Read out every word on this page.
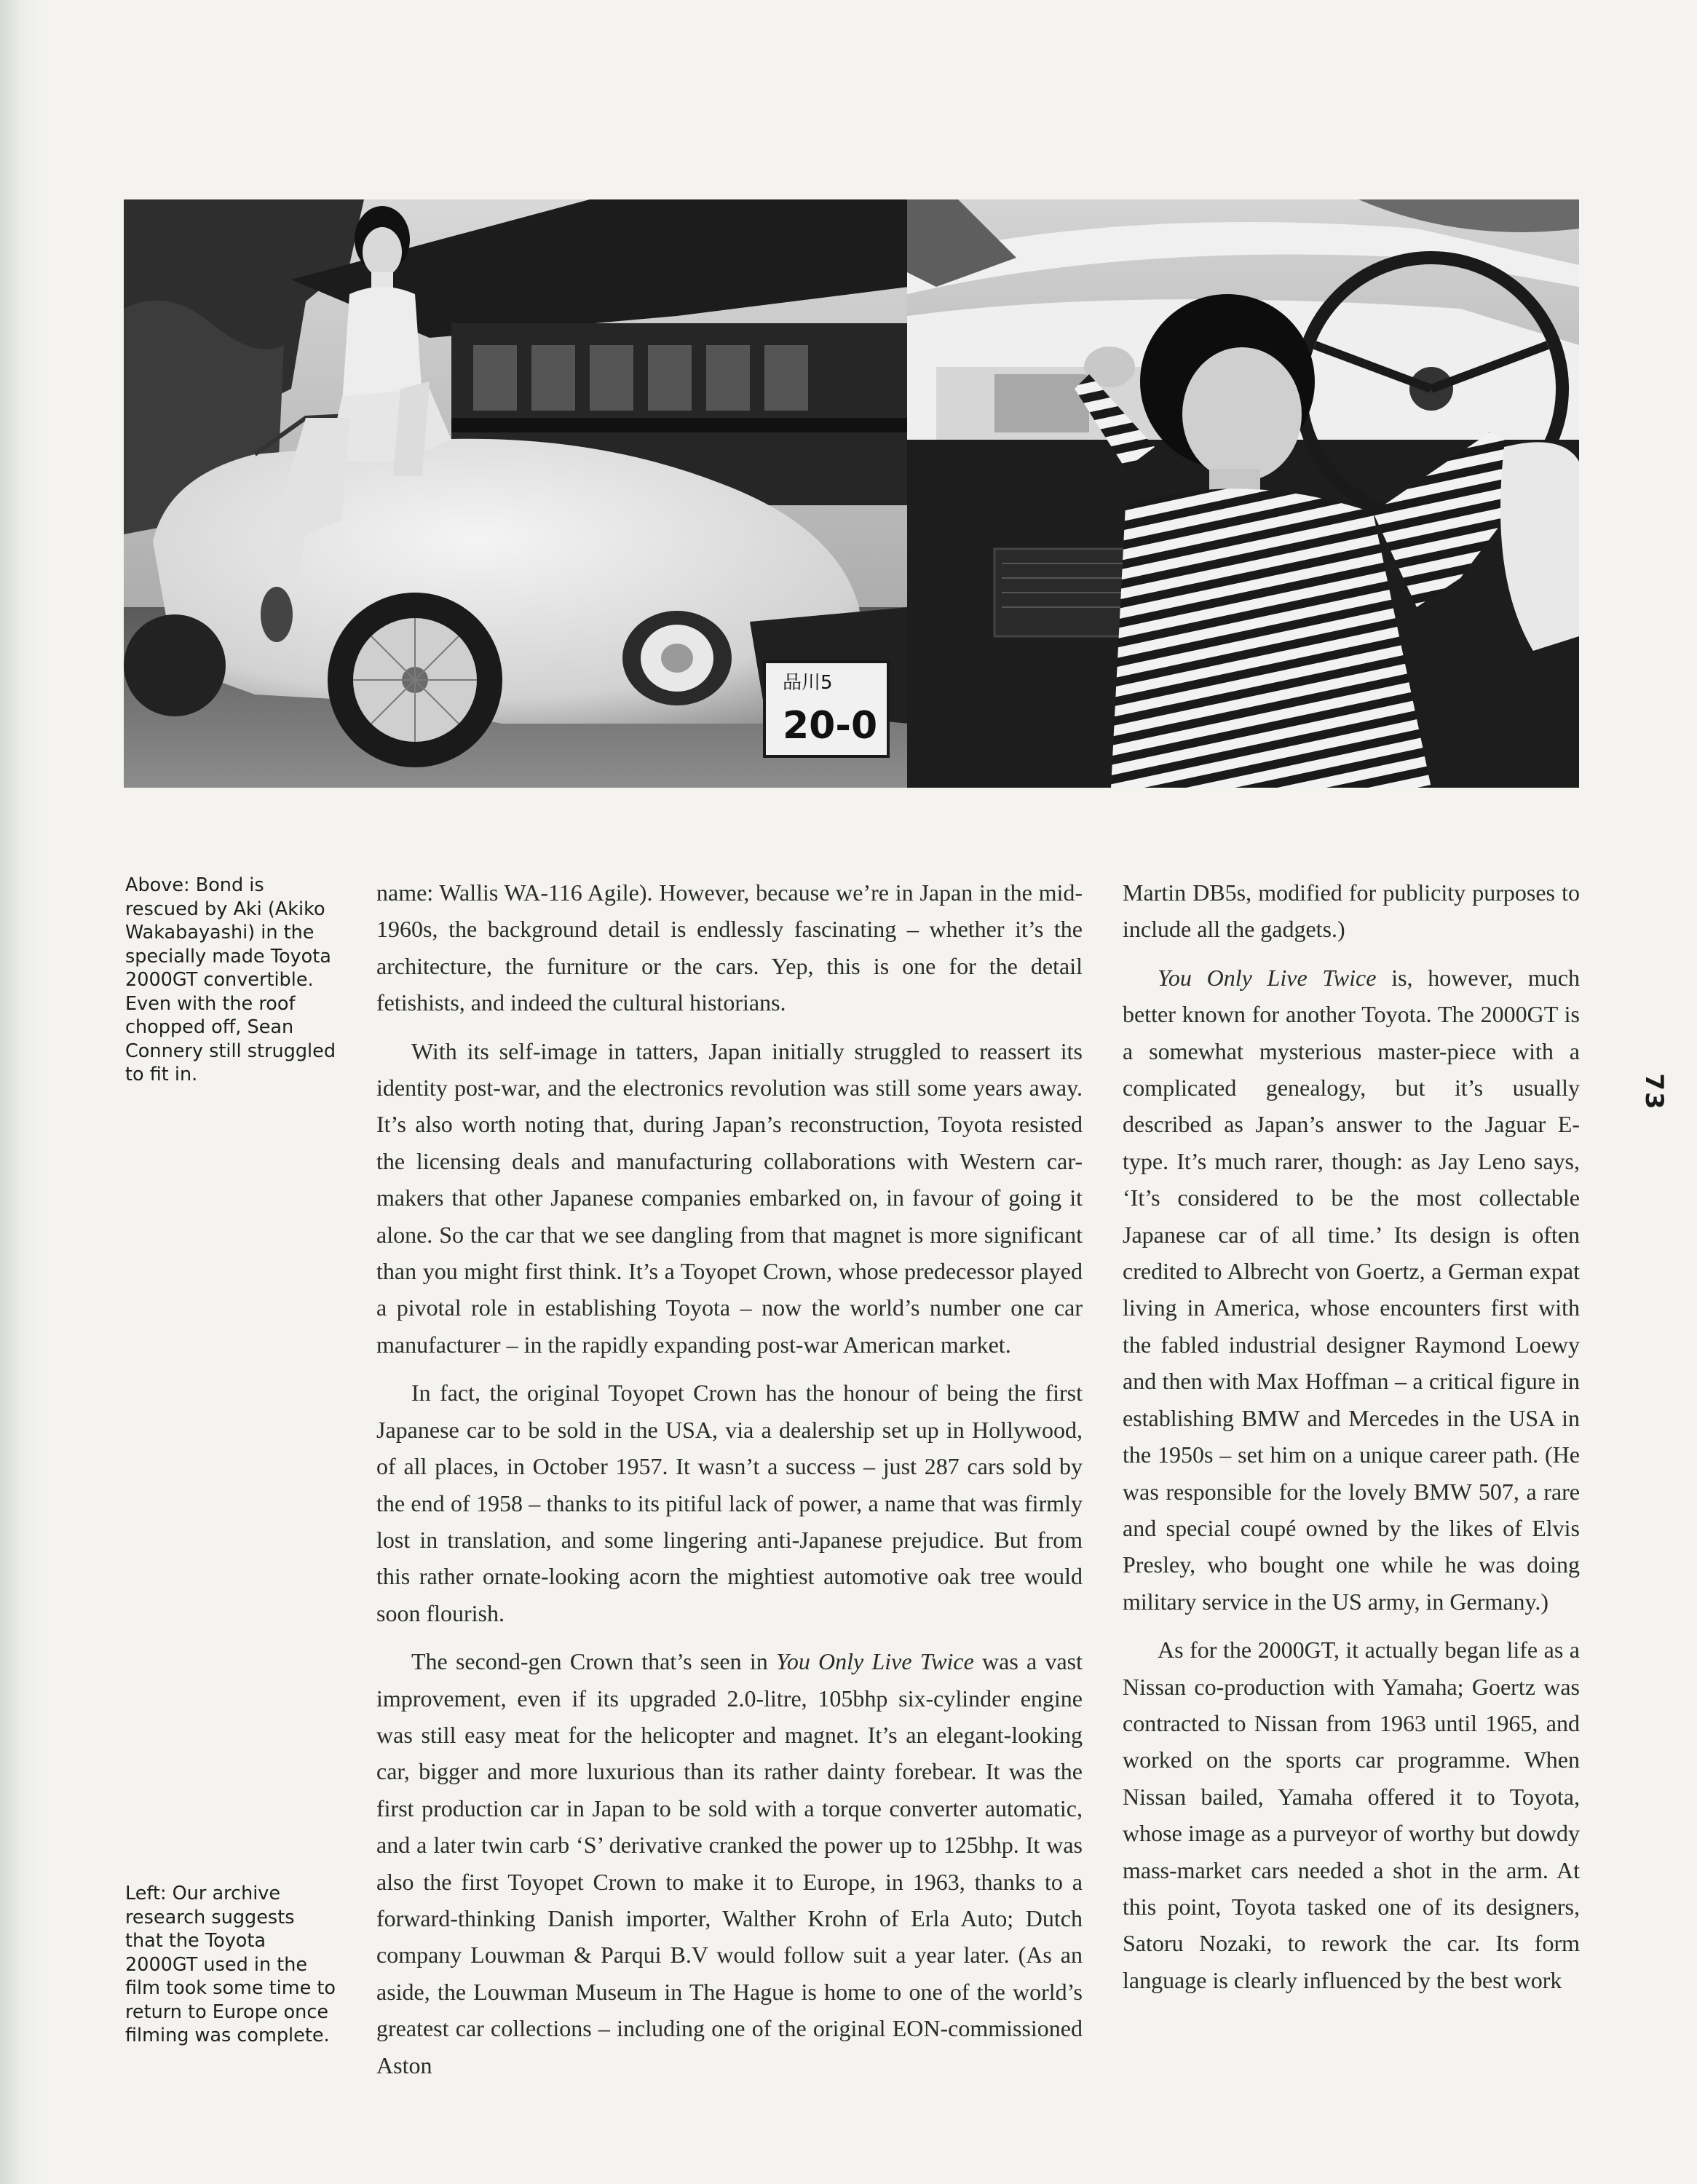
品川5
20-0

Above: Bond is rescued by Aki (Akiko Wakabayashi) in the specially made Toyota 2000GT convertible. Even with the roof chopped off, Sean Connery still struggled to fit in.

Left: Our archive research suggests that the Toyota 2000GT used in the film took some time to return to Europe once filming was complete.

name: Wallis WA-116 Agile). However, because we’re in Japan in the mid-1960s, the background detail is endlessly fascinating – whether it’s the architecture, the furniture or the cars. Yep, this is one for the detail fetishists, and indeed the cultural historians.

With its self-image in tatters, Japan initially struggled to reassert its identity post-war, and the electronics revolution was still some years away. It’s also worth noting that, during Japan’s reconstruction, Toyota resisted the licensing deals and manufacturing collaborations with Western car-makers that other Japanese companies embarked on, in favour of going it alone. So the car that we see dangling from that magnet is more significant than you might first think. It’s a Toyopet Crown, whose predecessor played a pivotal role in establishing Toyota – now the world’s number one car manufacturer – in the rapidly expanding post-war American market.

In fact, the original Toyopet Crown has the honour of being the first Japanese car to be sold in the USA, via a dealership set up in Hollywood, of all places, in October 1957. It wasn’t a success – just 287 cars sold by the end of 1958 – thanks to its pitiful lack of power, a name that was firmly lost in translation, and some lingering anti-Japanese prejudice. But from this rather ornate-looking acorn the mightiest automotive oak tree would soon flourish.

The second-gen Crown that’s seen in You Only Live Twice was a vast improvement, even if its upgraded 2.0-litre, 105bhp six-cylinder engine was still easy meat for the helicopter and magnet. It’s an elegant-looking car, bigger and more luxurious than its rather dainty forebear. It was the first production car in Japan to be sold with a torque converter automatic, and a later twin carb ‘S’ derivative cranked the power up to 125bhp. It was also the first Toyopet Crown to make it to Europe, in 1963, thanks to a forward-thinking Danish importer, Walther Krohn of Erla Auto; Dutch company Louwman & Parqui B.V would follow suit a year later. (As an aside, the Louwman Museum in The Hague is home to one of the world’s greatest car collections – including one of the original EON-commissioned Aston

Martin DB5s, modified for publicity purposes to include all the gadgets.)

You Only Live Twice is, however, much better known for another Toyota. The 2000GT is a somewhat mysterious master-piece with a complicated genealogy, but it’s usually described as Japan’s answer to the Jaguar E-type. It’s much rarer, though: as Jay Leno says, ‘It’s considered to be the most collectable Japanese car of all time.’ Its design is often credited to Albrecht von Goertz, a German expat living in America, whose encounters first with the fabled industrial designer Raymond Loewy and then with Max Hoffman – a critical figure in establishing BMW and Mercedes in the USA in the 1950s – set him on a unique career path. (He was responsible for the lovely BMW 507, a rare and special coupé owned by the likes of Elvis Presley, who bought one while he was doing military service in the US army, in Germany.)

As for the 2000GT, it actually began life as a Nissan co-production with Yamaha; Goertz was contracted to Nissan from 1963 until 1965, and worked on the sports car programme. When Nissan bailed, Yamaha offered it to Toyota, whose image as a purveyor of worthy but dowdy mass-market cars needed a shot in the arm. At this point, Toyota tasked one of its designers, Satoru Nozaki, to rework the car. Its form language is clearly influenced by the best work

73
